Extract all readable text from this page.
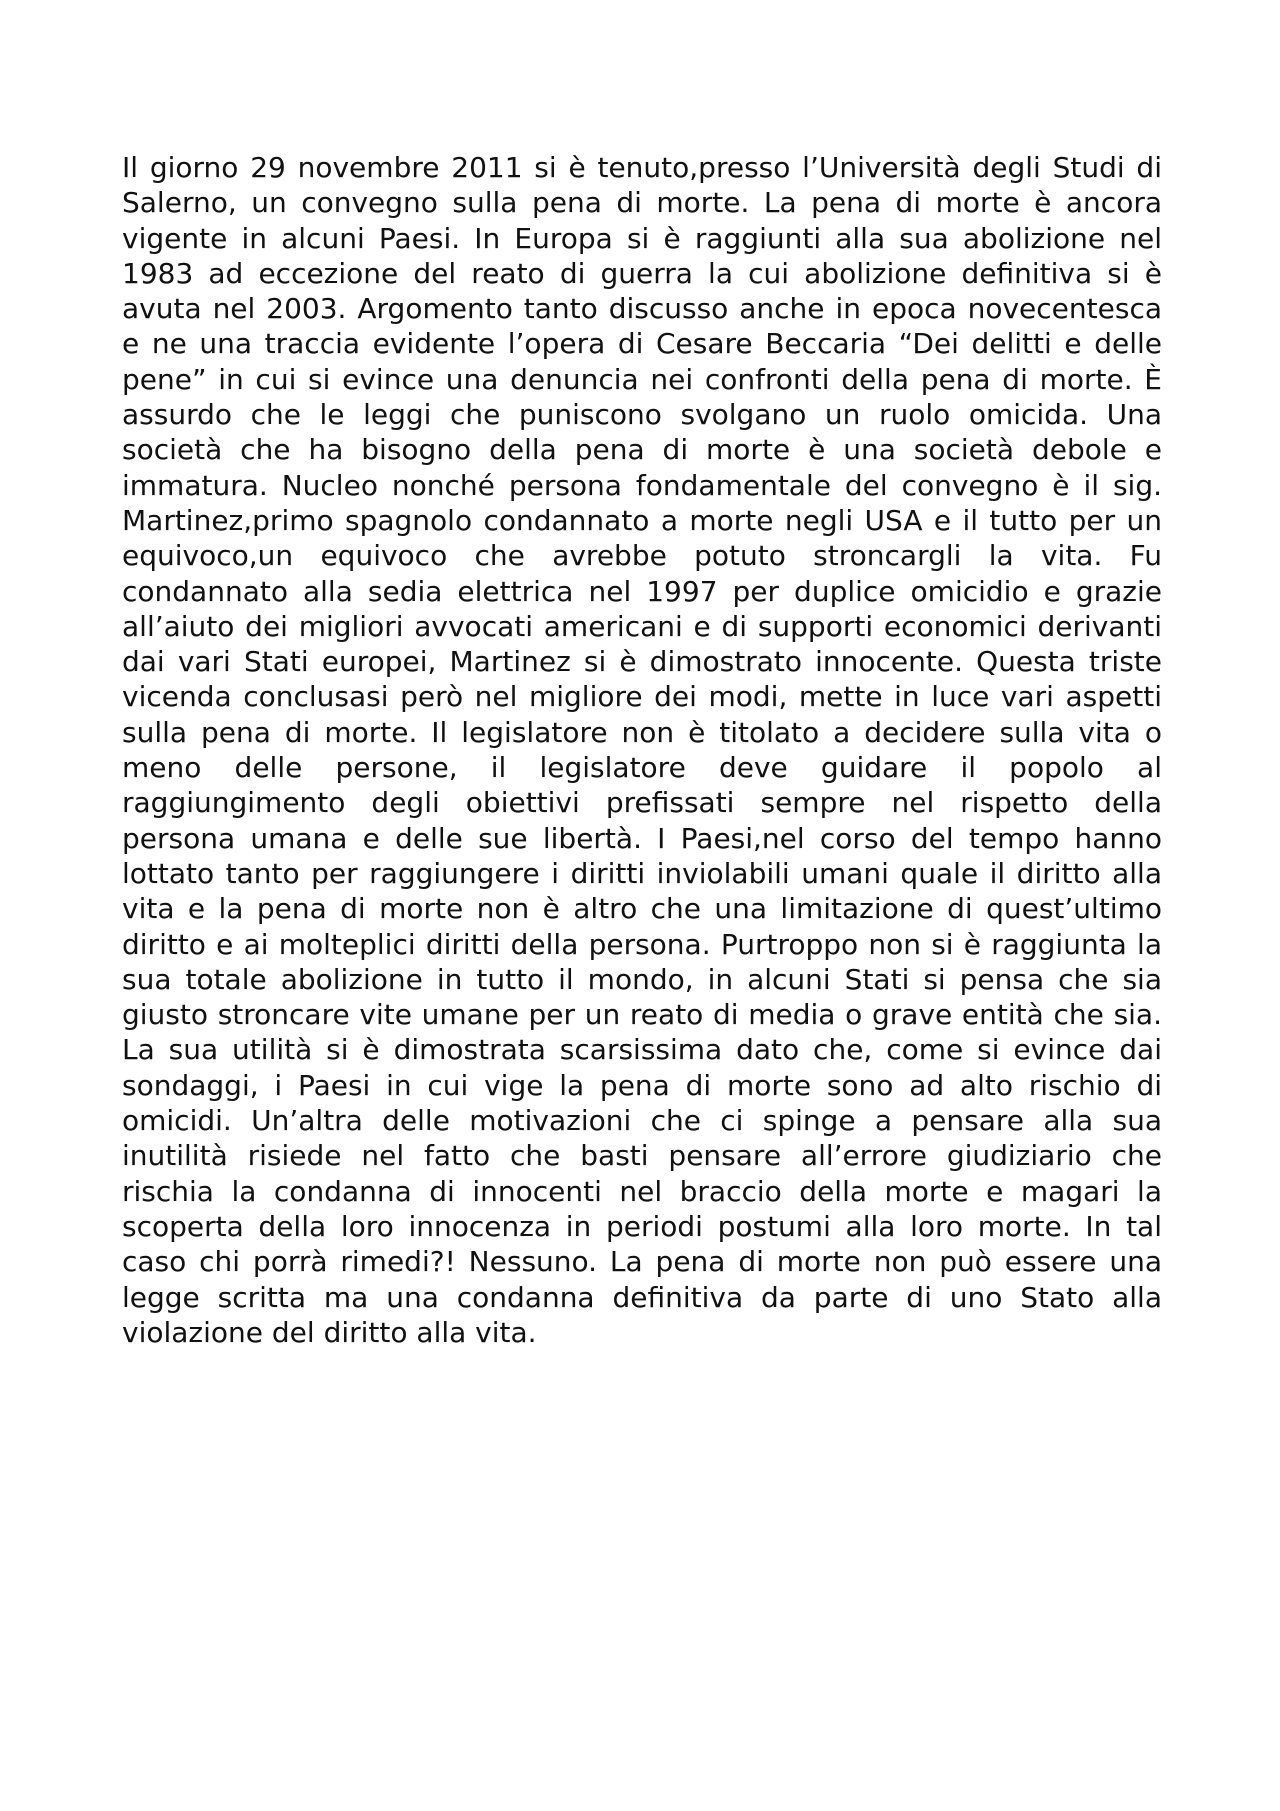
Il giorno 29 novembre 2011 si è tenuto,presso l’Università degli Studi di Salerno, un convegno sulla pena di morte. La pena di morte è ancora vigente in alcuni Paesi. In Europa si è raggiunti alla sua abolizione nel 1983 ad eccezione del reato di guerra la cui abolizione definitiva si è avuta nel 2003. Argomento tanto discusso anche in epoca novecentesca e ne una traccia evidente l’opera di Cesare Beccaria “Dei delitti e delle pene” in cui si evince una denuncia nei confronti della pena di morte. È assurdo che le leggi che puniscono svolgano un ruolo omicida. Una società che ha bisogno della pena di morte è una società debole e immatura. Nucleo nonché persona fondamentale del convegno è il sig. Martinez,primo spagnolo condannato a morte negli USA e il tutto per un equivoco,un equivoco che avrebbe potuto stroncargli la vita. Fu condannato alla sedia elettrica nel 1997 per duplice omicidio e grazie all’aiuto dei migliori avvocati americani e di supporti economici derivanti dai vari Stati europei, Martinez si è dimostrato innocente. Questa triste vicenda conclusasi però nel migliore dei modi, mette in luce vari aspetti sulla pena di morte. Il legislatore non è titolato a decidere sulla vita o meno delle persone, il legislatore deve guidare il popolo al raggiungimento degli obiettivi prefissati sempre nel rispetto della persona umana e delle sue libertà. I Paesi,nel corso del tempo hanno lottato tanto per raggiungere i diritti inviolabili umani quale il diritto alla vita e la pena di morte non è altro che una limitazione di quest’ultimo diritto e ai molteplici diritti della persona. Purtroppo non si è raggiunta la sua totale abolizione in tutto il mondo, in alcuni Stati si pensa che sia giusto stroncare vite umane per un reato di media o grave entità che sia. La sua utilità si è dimostrata scarsissima dato che, come si evince dai sondaggi, i Paesi in cui vige la pena di morte sono ad alto rischio di omicidi. Un’altra delle motivazioni che ci spinge a pensare alla sua inutilità risiede nel fatto che basti pensare all’errore giudiziario che rischia la condanna di innocenti nel braccio della morte e magari la scoperta della loro innocenza in periodi postumi alla loro morte. In tal caso chi porrà rimedi?! Nessuno. La pena di morte non può essere una legge scritta ma una condanna definitiva da parte di uno Stato alla violazione del diritto alla vita.
